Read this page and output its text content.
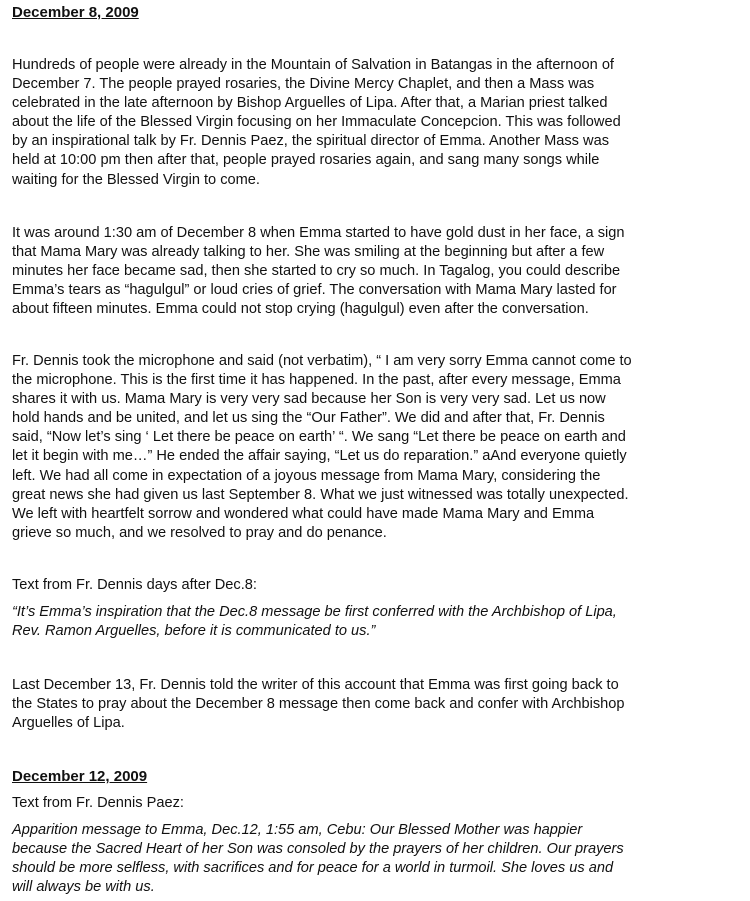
December 8, 2009

Hundreds of people were already in the Mountain of Salvation in Batangas in the afternoon of
December 7. The people prayed rosaries, the Divine Mercy Chaplet, and then a Mass was
celebrated in the late afternoon by Bishop Arguelles of Lipa. After that, a Marian priest talked
about the life of the Blessed Virgin focusing on her Immaculate Concepcion. This was followed
by an inspirational talk by Fr. Dennis Paez, the spiritual director of Emma. Another Mass was
held at 10:00 pm then after that, people prayed rosaries again, and sang many songs while
waiting for the Blessed Virgin to come.

It was around 1:30 am of December 8 when Emma started to have gold dust in her face, a sign
that Mama Mary was already talking to her. She was smiling at the beginning but after a few
minutes her face became sad, then she started to cry so much. In Tagalog, you could describe
Emma’s tears as “hagulgul” or loud cries of grief. The conversation with Mama Mary lasted for
about fifteen minutes. Emma could not stop crying (hagulgul) even after the conversation.

Fr. Dennis took the microphone and said (not verbatim), “ I am very sorry Emma cannot come to
the microphone. This is the first time it has happened. In the past, after every message, Emma
shares it with us. Mama Mary is very very sad because her Son is very very sad. Let us now
hold hands and be united, and let us sing the “Our Father”. We did and after that, Fr. Dennis
said, “Now let’s sing ‘ Let there be peace on earth’ “. We sang “Let there be peace on earth and
let it begin with me…” He ended the affair saying, “Let us do reparation.” aAnd everyone quietly
left. We had all come in expectation of a joyous message from Mama Mary, considering the
great news she had given us last September 8. What we just witnessed was totally unexpected.
We left with heartfelt sorrow and wondered what could have made Mama Mary and Emma
grieve so much, and we resolved to pray and do penance.

Text from Fr. Dennis days after Dec.8:

“It’s Emma’s inspiration that the Dec.8 message be first conferred with the Archbishop of Lipa,
Rev. Ramon Arguelles, before it is communicated to us.”

Last December 13, Fr. Dennis told the writer of this account that Emma was first going back to
the States to pray about the December 8 message then come back and confer with Archbishop
Arguelles of Lipa.

December 12, 2009

Text from Fr. Dennis Paez:

Apparition message to Emma, Dec.12, 1:55 am, Cebu: Our Blessed Mother was happier
because the Sacred Heart of her Son was consoled by the prayers of her children. Our prayers
should be more selfless, with sacrifices and for peace for a world in turmoil. She loves us and
will always be with us.
